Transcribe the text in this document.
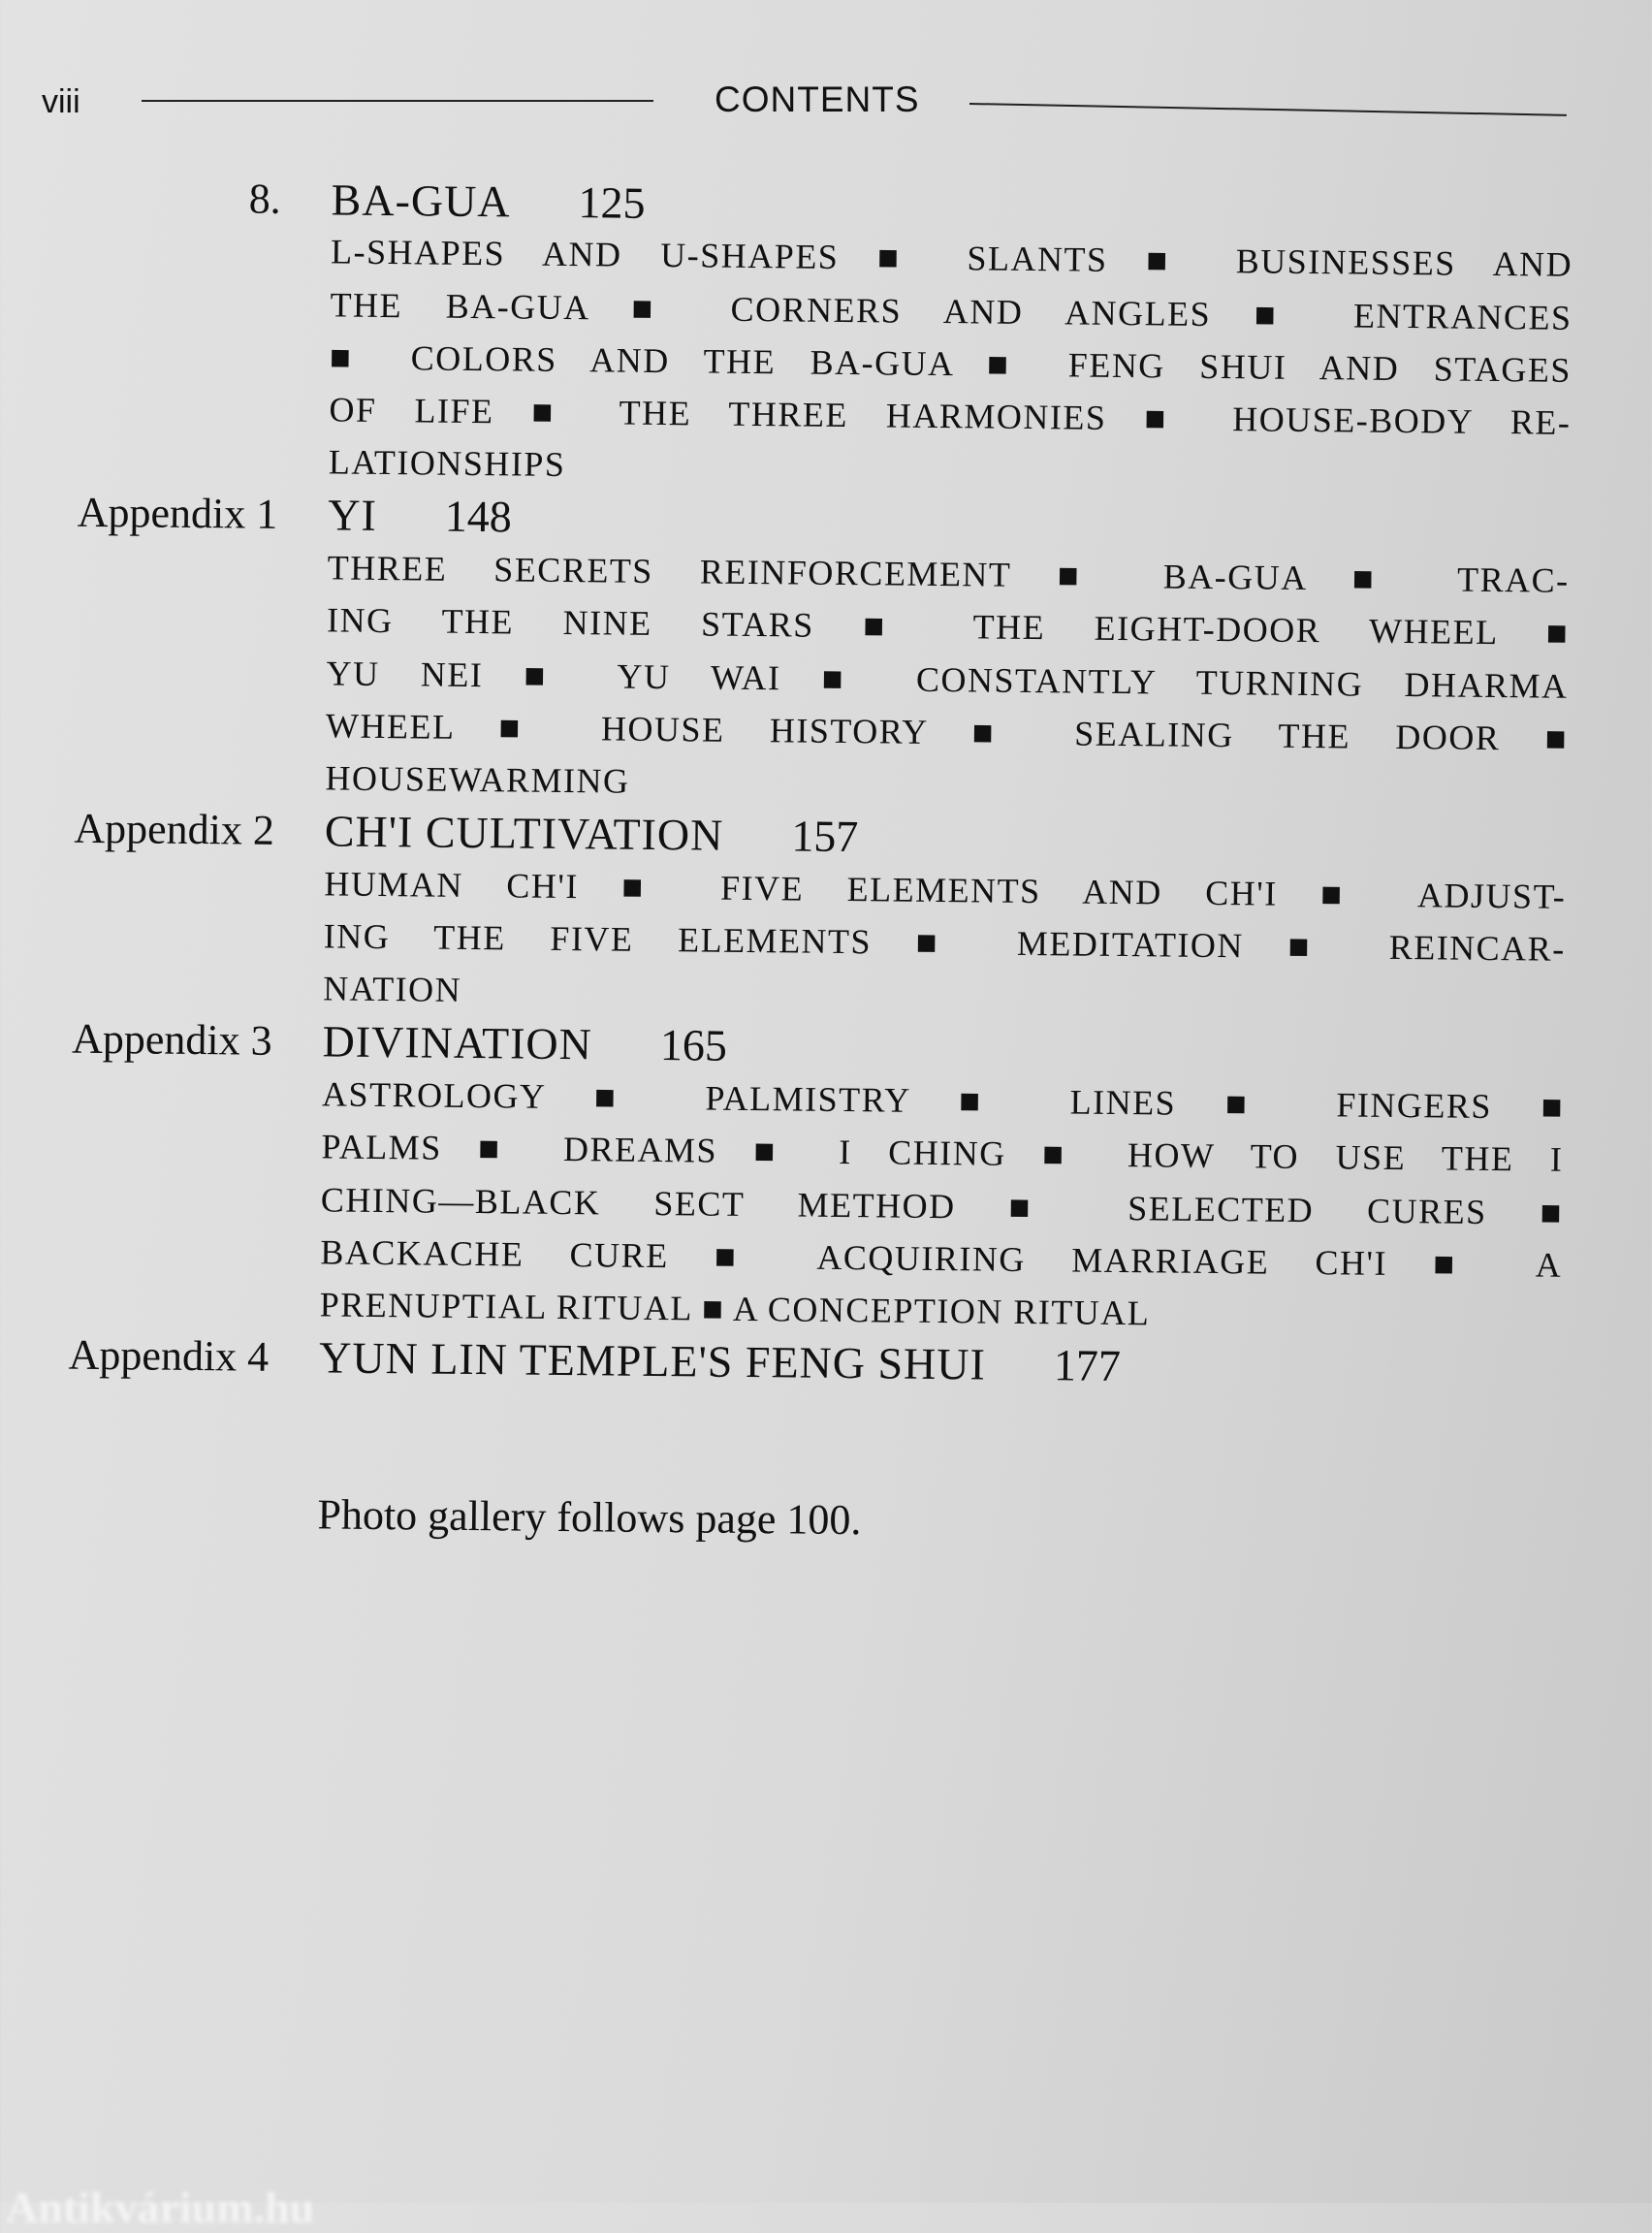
viii	CONTENTS
8.	BA-GUA 125
L-SHAPES AND U-SHAPES ■ SLANTS ■ BUSINESSES AND
THE BA-GUA ■ CORNERS AND ANGLES ■ ENTRANCES
■ COLORS AND THE BA-GUA ■ FENG SHUI AND STAGES
OF LIFE ■ THE THREE HARMONIES ■ HOUSE-BODY RE-
LATIONSHIPS
Appendix 1	YI 148
THREE SECRETS REINFORCEMENT ■ BA-GUA ■ TRAC-
ING THE NINE STARS ■ THE EIGHT-DOOR WHEEL ■
YU NEI ■ YU WAI ■ CONSTANTLY TURNING DHARMA
WHEEL ■ HOUSE HISTORY ■ SEALING THE DOOR ■
HOUSEWARMING
Appendix 2	CH'I CULTIVATION 157
HUMAN CH'I ■ FIVE ELEMENTS AND CH'I ■ ADJUST-
ING THE FIVE ELEMENTS ■ MEDITATION ■ REINCAR-
NATION
Appendix 3	DIVINATION 165
ASTROLOGY ■ PALMISTRY ■ LINES ■ FINGERS ■
PALMS ■ DREAMS ■ I CHING ■ HOW TO USE THE I
CHING—BLACK SECT METHOD ■ SELECTED CURES ■
BACKACHE CURE ■ ACQUIRING MARRIAGE CH'I ■ A
PRENUPTIAL RITUAL ■ A CONCEPTION RITUAL
Appendix 4	YUN LIN TEMPLE'S FENG SHUI 177
Photo gallery follows page 100.
Antikvárium.hu
